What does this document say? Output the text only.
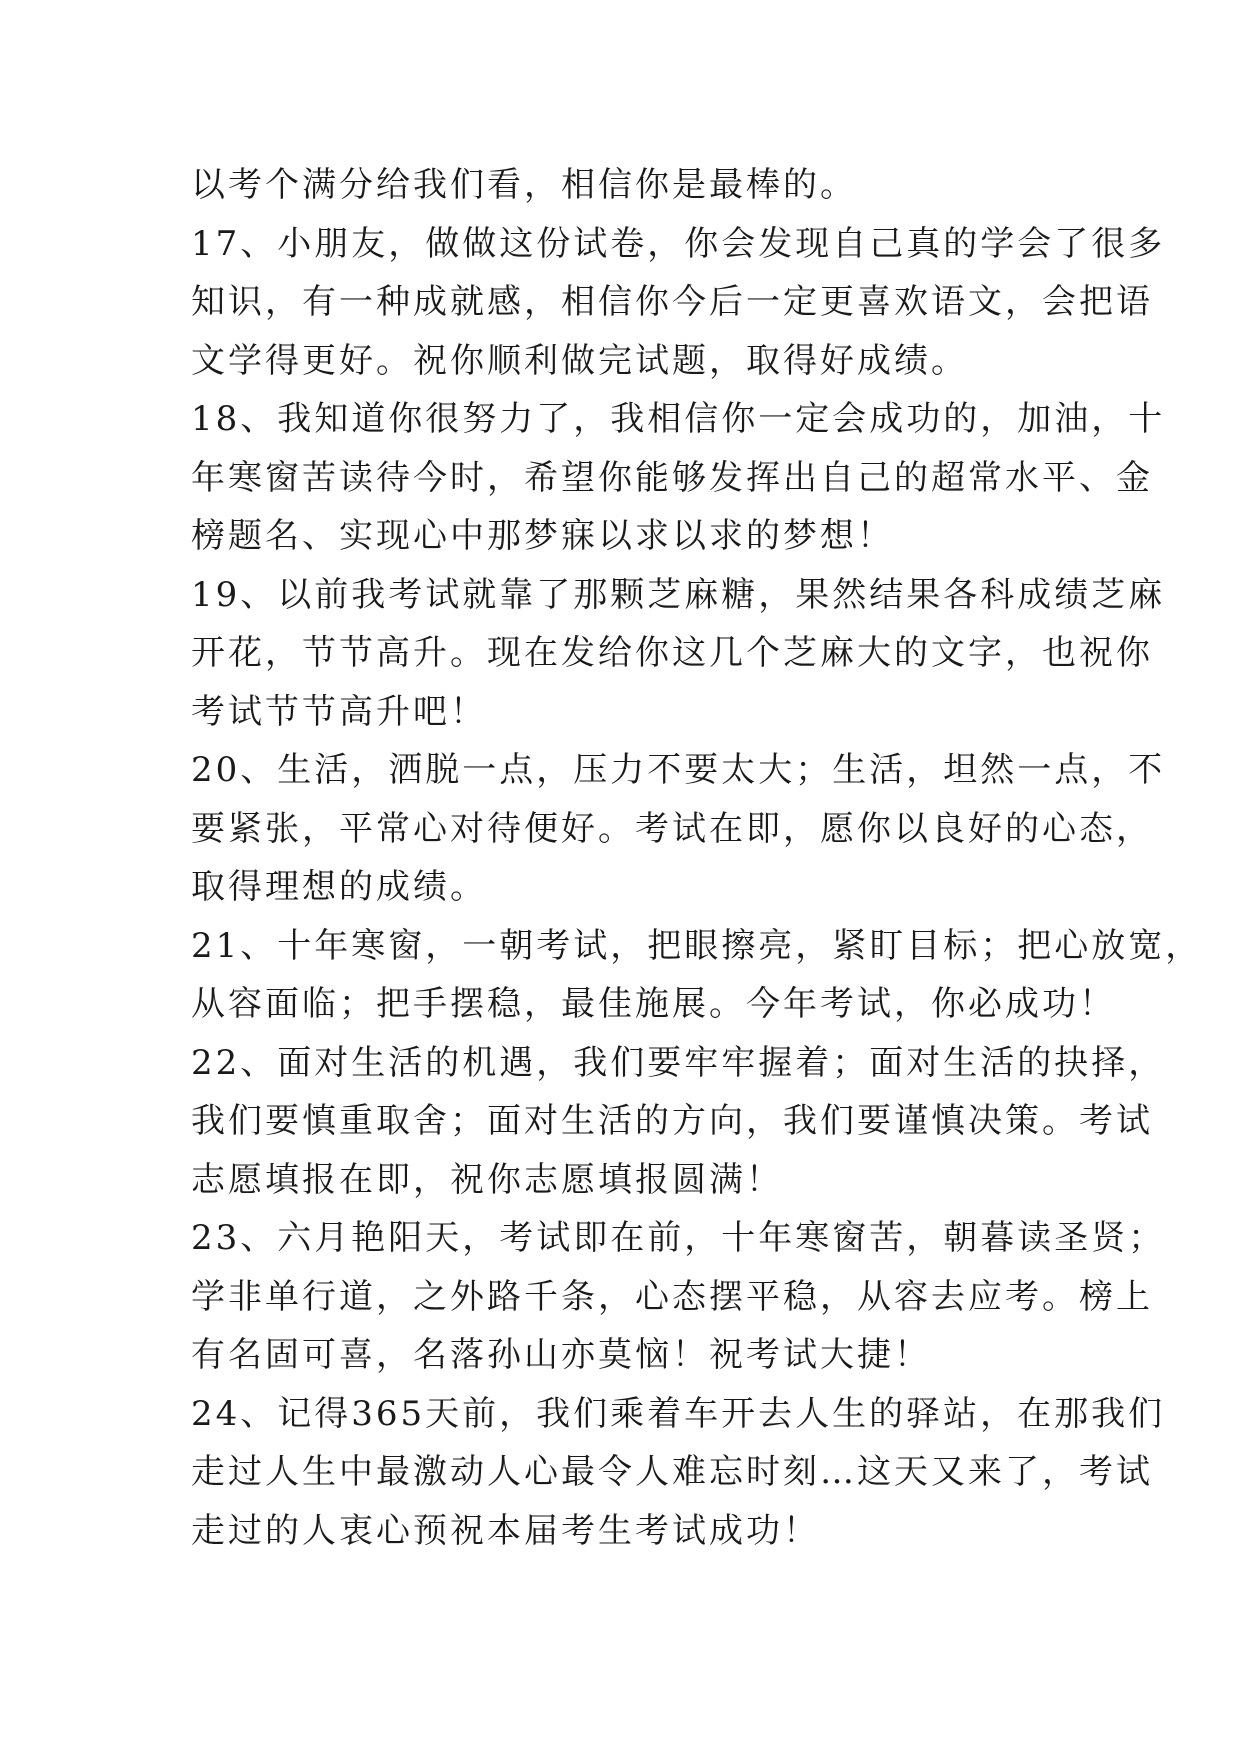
以考个满分给我们看，相信你是最棒的。
17、小朋友，做做这份试卷，你会发现自己真的学会了很多
知识，有一种成就感，相信你今后一定更喜欢语文，会把语
文学得更好。祝你顺利做完试题，取得好成绩。
18、我知道你很努力了，我相信你一定会成功的，加油，十
年寒窗苦读待今时，希望你能够发挥出自己的超常水平、金
榜题名、实现心中那梦寐以求以求的梦想！
19、以前我考试就靠了那颗芝麻糖，果然结果各科成绩芝麻
开花，节节高升。现在发给你这几个芝麻大的文字，也祝你
考试节节高升吧！
20、生活，洒脱一点，压力不要太大；生活，坦然一点，不
要紧张，平常心对待便好。考试在即，愿你以良好的心态，
取得理想的成绩。
21、十年寒窗，一朝考试，把眼擦亮，紧盯目标；把心放宽，
从容面临；把手摆稳，最佳施展。今年考试，你必成功！
22、面对生活的机遇，我们要牢牢握着；面对生活的抉择，
我们要慎重取舍；面对生活的方向，我们要谨慎决策。考试
志愿填报在即，祝你志愿填报圆满！
23、六月艳阳天，考试即在前，十年寒窗苦，朝暮读圣贤；
学非单行道，之外路千条，心态摆平稳，从容去应考。榜上
有名固可喜，名落孙山亦莫恼！祝考试大捷！
24、记得365天前，我们乘着车开去人生的驿站，在那我们
走过人生中最激动人心最令人难忘时刻…这天又来了，考试
走过的人衷心预祝本届考生考试成功！
